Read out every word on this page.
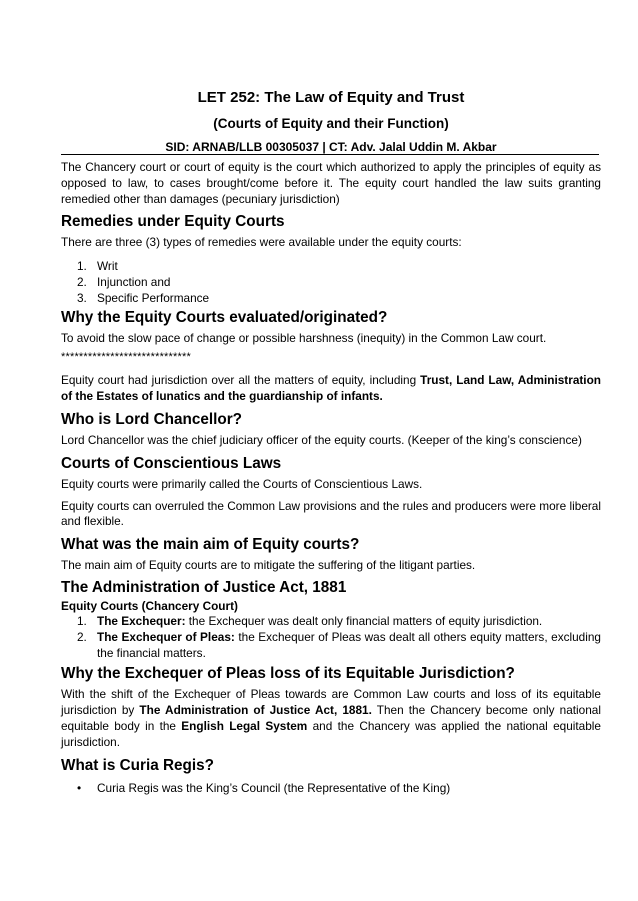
LET 252: The Law of Equity and Trust
(Courts of Equity and their Function)
SID: ARNAB/LLB 00305037 | CT: Adv. Jalal Uddin M. Akbar

The Chancery court or court of equity is the court which authorized to apply the principles of equity as opposed to law, to cases brought/come before it. The equity court handled the law suits granting remedied other than damages (pecuniary jurisdiction)

Remedies under Equity Courts

There are three (3) types of remedies were available under the equity courts:

1. Writ
2. Injunction and
3. Specific Performance
Why the Equity Courts evaluated/originated?

To avoid the slow pace of change or possible harshness (inequity) in the Common Law court.

*****************************

Equity court had jurisdiction over all the matters of equity, including Trust, Land Law, Administration of the Estates of lunatics and the guardianship of infants.

Who is Lord Chancellor?

Lord Chancellor was the chief judiciary officer of the equity courts. (Keeper of the king’s conscience)

Courts of Conscientious Laws

Equity courts were primarily called the Courts of Conscientious Laws.

Equity courts can overruled the Common Law provisions and the rules and producers were more liberal and flexible.

What was the main aim of Equity courts?

The main aim of Equity courts are to mitigate the suffering of the litigant parties.

The Administration of Justice Act, 1881
Equity Courts (Chancery Court)
1. The Exchequer: the Exchequer was dealt only financial matters of equity jurisdiction.
2. The Exchequer of Pleas: the Exchequer of Pleas was dealt all others equity matters, excluding the financial matters.
Why the Exchequer of Pleas loss of its Equitable Jurisdiction?

With the shift of the Exchequer of Pleas towards are Common Law courts and loss of its equitable jurisdiction by The Administration of Justice Act, 1881. Then the Chancery become only national equitable body in the English Legal System and the Chancery was applied the national equitable jurisdiction.

What is Curia Regis?
• Curia Regis was the King’s Council (the Representative of the King)
